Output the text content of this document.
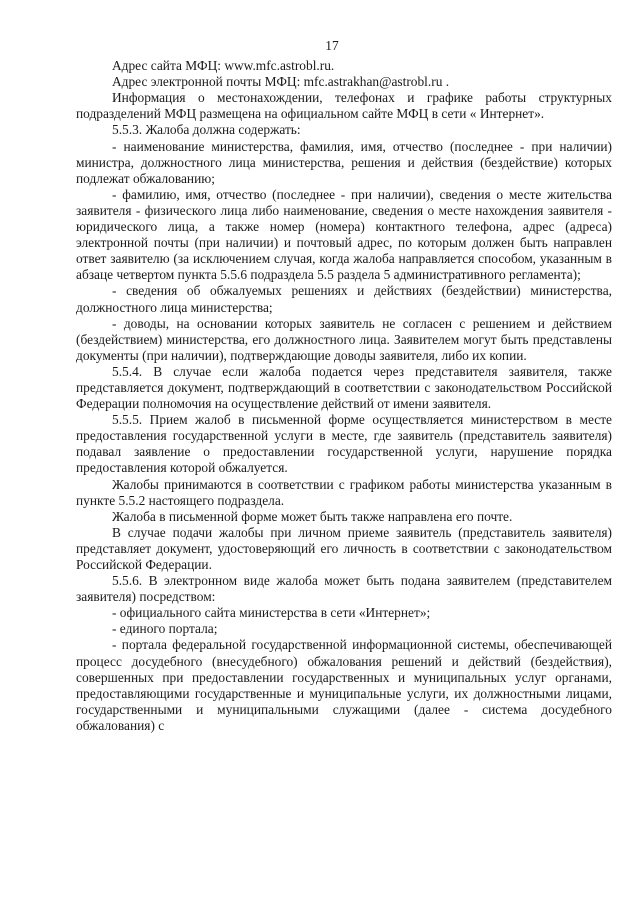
17

Адрес сайта МФЦ: www.mfc.astrobl.ru.

Адрес электронной почты МФЦ: mfc.astrakhan@astrobl.ru .

Информация о местонахождении, телефонах и графике работы структурных подразделений МФЦ размещена на официальном сайте МФЦ в сети « Интернет».

5.5.3. Жалоба должна содержать:

- наименование министерства, фамилия, имя, отчество (последнее - при наличии) министра, должностного лица министерства, решения и действия (бездействие) которых подлежат обжалованию;

- фамилию, имя, отчество (последнее - при наличии), сведения о месте жительства заявителя - физического лица либо наименование, сведения о месте нахождения заявителя - юридического лица, а также номер (номера) контактного телефона, адрес (адреса) электронной почты (при наличии) и почтовый адрес, по которым должен быть направлен ответ заявителю (за исключением случая, когда жалоба направляется способом, указанным в абзаце четвертом пункта 5.5.6 подраздела 5.5 раздела 5 административного регламента);

- сведения об обжалуемых решениях и действиях (бездействии) министерства, должностного лица министерства;

- доводы, на основании которых заявитель не согласен с решением и действием (бездействием) министерства, его должностного лица. Заявителем могут быть представлены документы (при наличии), подтверждающие доводы заявителя, либо их копии.

5.5.4. В случае если жалоба подается через представителя заявителя, также представляется документ, подтверждающий в соответствии с законодательством Российской Федерации полномочия на осуществление действий от имени заявителя.

5.5.5. Прием жалоб в письменной форме осуществляется министерством в месте предоставления государственной услуги в месте, где заявитель (представитель заявителя) подавал заявление о предоставлении государственной услуги, нарушение порядка предоставления которой обжалуется.

Жалобы принимаются в соответствии с графиком работы министерства указанным в пункте 5.5.2 настоящего подраздела.

Жалоба в письменной форме может быть также направлена его почте.

В случае подачи жалобы при личном приеме заявитель (представитель заявителя) представляет документ, удостоверяющий его личность в соответствии с законодательством Российской Федерации.

5.5.6. В электронном виде жалоба может быть подана заявителем (представителем заявителя) посредством:

- официального сайта министерства в сети «Интернет»;

- единого портала;

- портала федеральной государственной информационной системы, обеспечивающей процесс досудебного (внесудебного) обжалования решений и действий (бездействия), совершенных при предоставлении государственных и муниципальных услуг органами, предоставляющими государственные и муниципальные услуги, их должностными лицами, государственными и муниципальными служащими (далее - система досудебного обжалования) с
